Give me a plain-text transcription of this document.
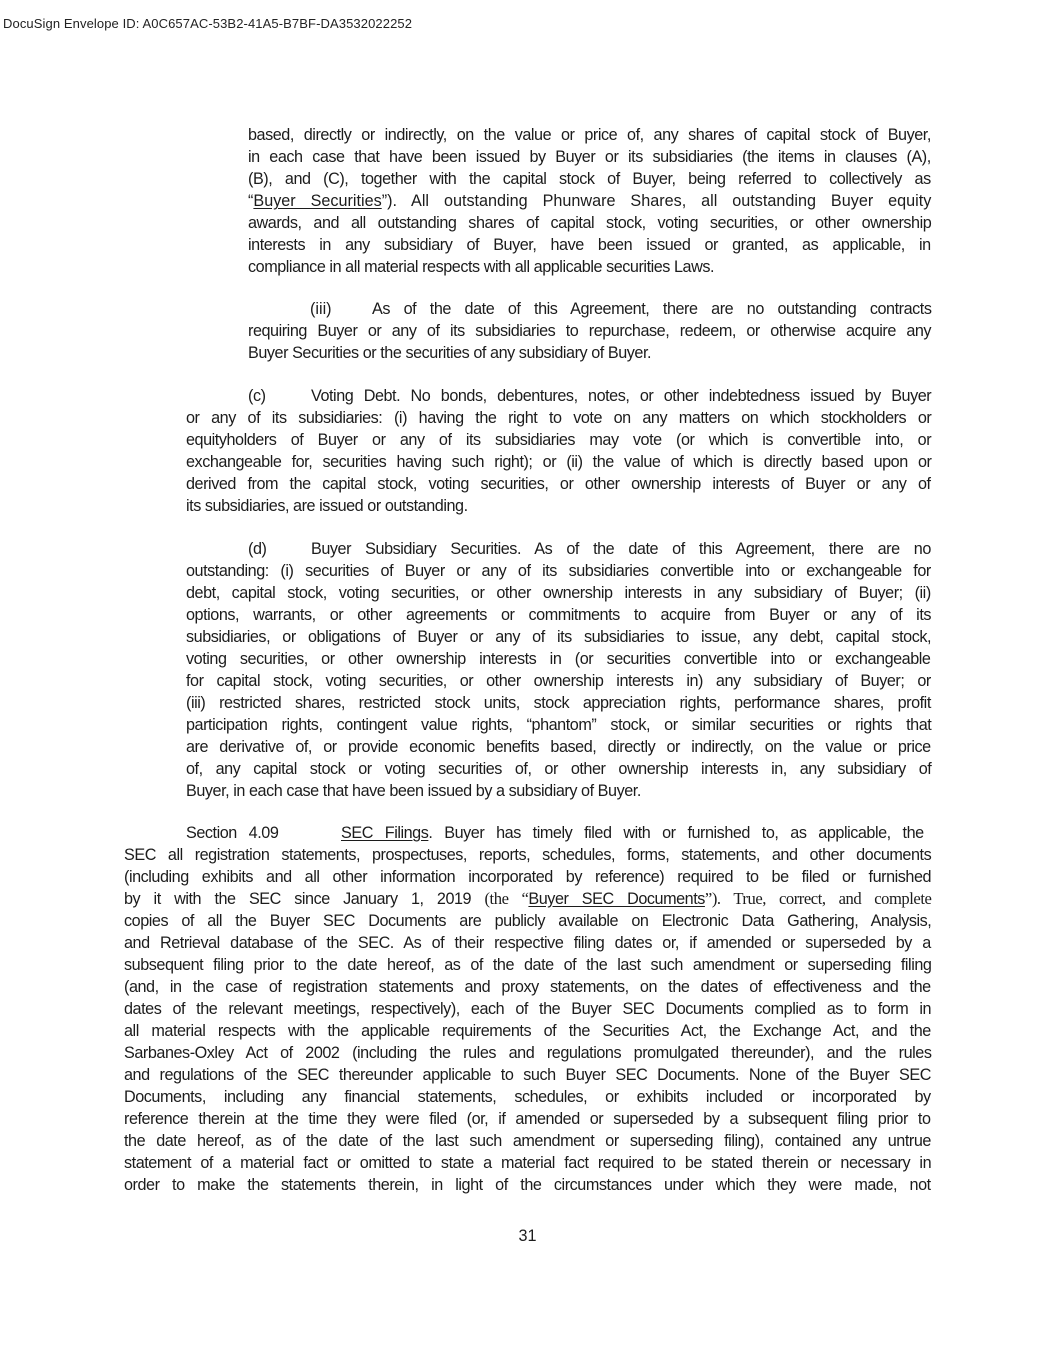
DocuSign Envelope ID: A0C657AC-53B2-41A5-B7BF-DA3532022252
based, directly or indirectly, on the value or price of, any shares of capital stock of Buyer,
in each case that have been issued by Buyer or its subsidiaries (the items in clauses (A),
(B), and (C), together with the capital stock of Buyer, being referred to collectively as
“Buyer Securities”). All outstanding Phunware Shares, all outstanding Buyer equity
awards, and all outstanding shares of capital stock, voting securities, or other ownership
interests in any subsidiary of Buyer, have been issued or granted, as applicable, in
compliance in all material respects with all applicable securities Laws.
(iii) As of the date of this Agreement, there are no outstanding contracts
requiring Buyer or any of its subsidiaries to repurchase, redeem, or otherwise acquire any
Buyer Securities or the securities of any subsidiary of Buyer.
(c)	Voting Debt. No bonds, debentures, notes, or other indebtedness issued by Buyer
or any of its subsidiaries: (i) having the right to vote on any matters on which stockholders or
equityholders of Buyer or any of its subsidiaries may vote (or which is convertible into, or
exchangeable for, securities having such right); or (ii) the value of which is directly based upon or
derived from the capital stock, voting securities, or other ownership interests of Buyer or any of
its subsidiaries, are issued or outstanding.
(d)	Buyer Subsidiary Securities. As of the date of this Agreement, there are no
outstanding: (i) securities of Buyer or any of its subsidiaries convertible into or exchangeable for
debt, capital stock, voting securities, or other ownership interests in any subsidiary of Buyer; (ii)
options, warrants, or other agreements or commitments to acquire from Buyer or any of its
subsidiaries, or obligations of Buyer or any of its subsidiaries to issue, any debt, capital stock,
voting securities, or other ownership interests in (or securities convertible into or exchangeable
for capital stock, voting securities, or other ownership interests in) any subsidiary of Buyer; or
(iii) restricted shares, restricted stock units, stock appreciation rights, performance shares, profit
participation rights, contingent value rights, “phantom” stock, or similar securities or rights that
are derivative of, or provide economic benefits based, directly or indirectly, on the value or price
of, any capital stock or voting securities of, or other ownership interests in, any subsidiary of
Buyer, in each case that have been issued by a subsidiary of Buyer.
Section 4.09	SEC Filings. Buyer has timely filed with or furnished to, as applicable, the
SEC all registration statements, prospectuses, reports, schedules, forms, statements, and other documents
(including exhibits and all other information incorporated by reference) required to be filed or furnished
by it with the SEC since January 1, 2019 (the “Buyer SEC Documents”). True, correct, and complete
copies of all the Buyer SEC Documents are publicly available on Electronic Data Gathering, Analysis,
and Retrieval database of the SEC. As of their respective filing dates or, if amended or superseded by a
subsequent filing prior to the date hereof, as of the date of the last such amendment or superseding filing
(and, in the case of registration statements and proxy statements, on the dates of effectiveness and the
dates of the relevant meetings, respectively), each of the Buyer SEC Documents complied as to form in
all material respects with the applicable requirements of the Securities Act, the Exchange Act, and the
Sarbanes-Oxley Act of 2002 (including the rules and regulations promulgated thereunder), and the rules
and regulations of the SEC thereunder applicable to such Buyer SEC Documents. None of the Buyer SEC
Documents, including any financial statements, schedules, or exhibits included or incorporated by
reference therein at the time they were filed (or, if amended or superseded by a subsequent filing prior to
the date hereof, as of the date of the last such amendment or superseding filing), contained any untrue
statement of a material fact or omitted to state a material fact required to be stated therein or necessary in
order to make the statements therein, in light of the circumstances under which they were made, not
31
